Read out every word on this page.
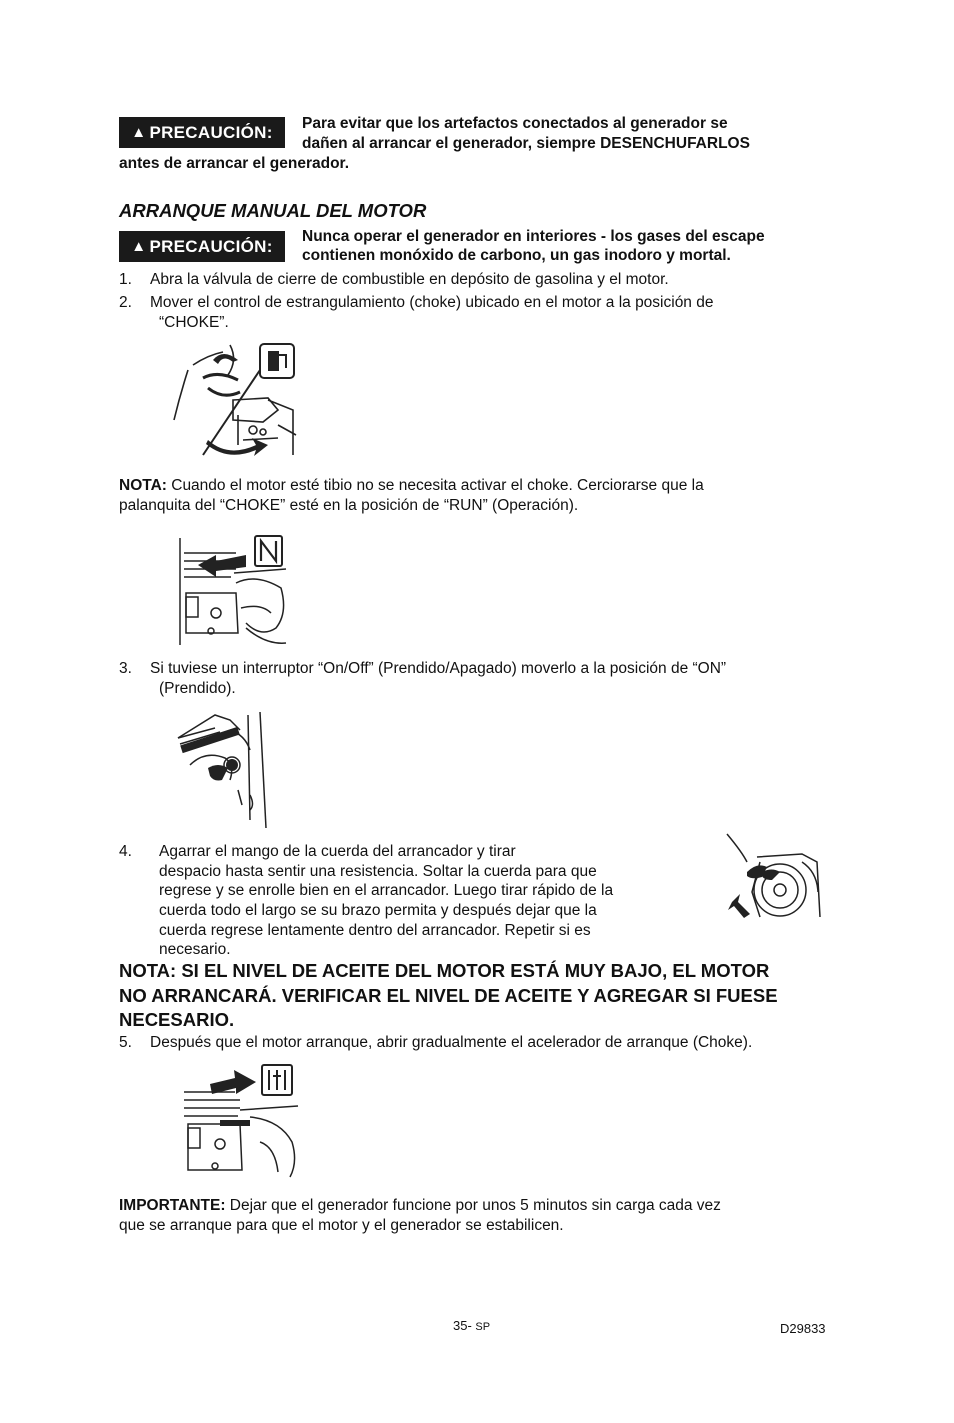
▲ PRECAUCIÓN: Para evitar que los artefactos conectados al generador se
dañen al arrancar el generador, siempre DESENCHUFARLOS
antes de arrancar el generador.
ARRANQUE MANUAL DEL MOTOR
▲ PRECAUCIÓN: Nunca operar el generador en interiores - los gases del escape
contienen monóxido de carbono, un gas inodoro y mortal.
1. Abra la válvula de cierre de combustible en depósito de gasolina y el motor.
2. Mover el control de estrangulamiento (choke) ubicado en el motor a la posición de
“CHOKE”.
NOTA: Cuando el motor esté tibio no se necesita activar el choke. Cerciorarse que la
palanquita del “CHOKE” esté en la posición de “RUN” (Operación).
3. Si tuviese un interruptor “On/Off” (Prendido/Apagado) moverlo a la posición de “ON”
(Prendido).
4. Agarrar el mango de la cuerda del arrancador y tirar
despacio hasta sentir una resistencia. Soltar la cuerda para que
regrese y se enrolle bien en el arrancador. Luego tirar rápido de la
cuerda todo el largo se su brazo permita y después dejar que la
cuerda regrese lentamente dentro del arrancador. Repetir si es
necesario.
NOTA: SI EL NIVEL DE ACEITE DEL MOTOR ESTÁ MUY BAJO, EL MOTOR
NO ARRANCARÁ. VERIFICAR EL NIVEL DE ACEITE Y AGREGAR SI FUESE
NECESARIO.
5. Después que el motor arranque, abrir gradualmente el acelerador de arranque (Choke).
IMPORTANTE: Dejar que el generador funcione por unos 5 minutos sin carga cada vez
que se arranque para que el motor y el generador se estabilicen.
35- SP	D29833
